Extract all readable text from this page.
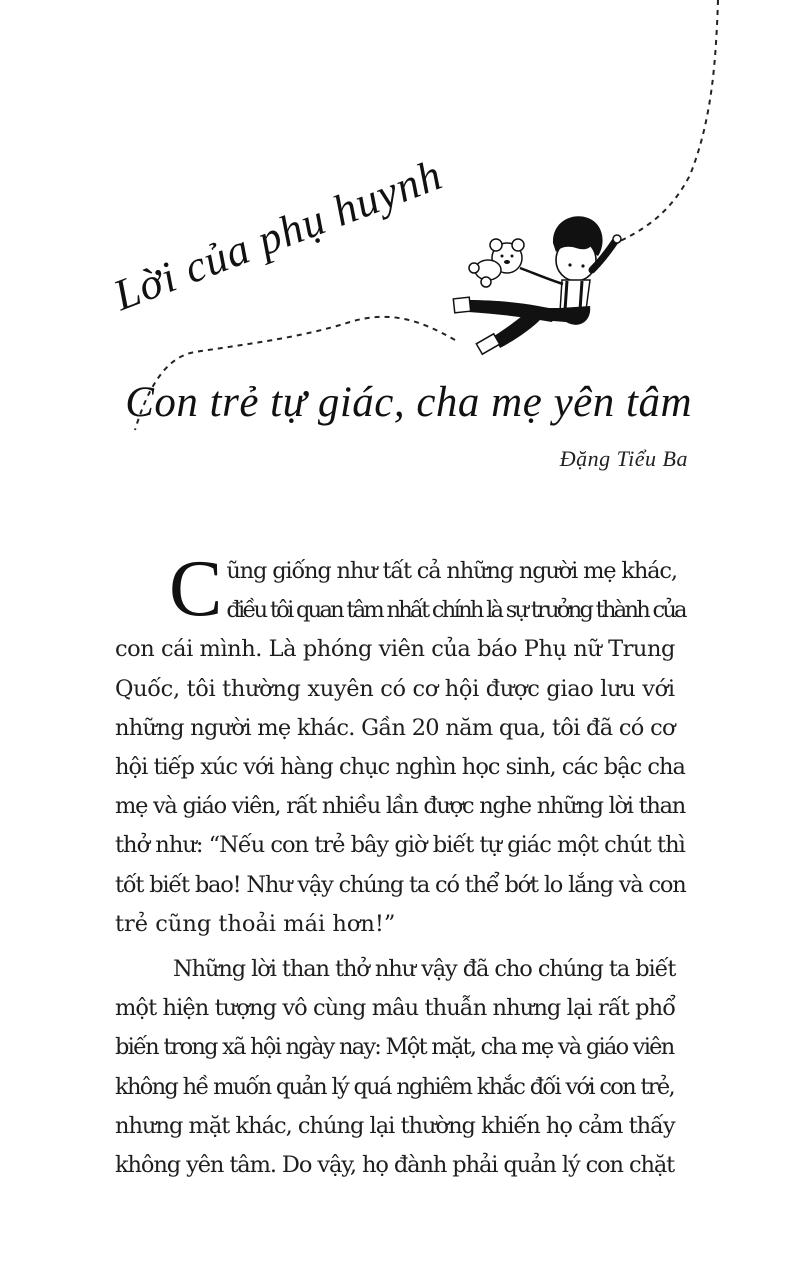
Lời của phụ huynh
Con trẻ tự giác, cha mẹ yên tâm
Đặng Tiểu Ba

C ũng giống như tất cả những người mẹ khác,
điều tôi quan tâm nhất chính là sự trưởng thành của
con cái mình. Là phóng viên của báo Phụ nữ Trung
Quốc, tôi thường xuyên có cơ hội được giao lưu với
những người mẹ khác. Gần 20 năm qua, tôi đã có cơ
hội tiếp xúc với hàng chục nghìn học sinh, các bậc cha
mẹ và giáo viên, rất nhiều lần được nghe những lời than
thở như: “Nếu con trẻ bây giờ biết tự giác một chút thì
tốt biết bao! Như vậy chúng ta có thể bớt lo lắng và con
trẻ cũng thoải mái hơn!”

Những lời than thở như vậy đã cho chúng ta biết
một hiện tượng vô cùng mâu thuẫn nhưng lại rất phổ
biến trong xã hội ngày nay: Một mặt, cha mẹ và giáo viên
không hề muốn quản lý quá nghiêm khắc đối với con trẻ,
nhưng mặt khác, chúng lại thường khiến họ cảm thấy
không yên tâm. Do vậy, họ đành phải quản lý con chặt
